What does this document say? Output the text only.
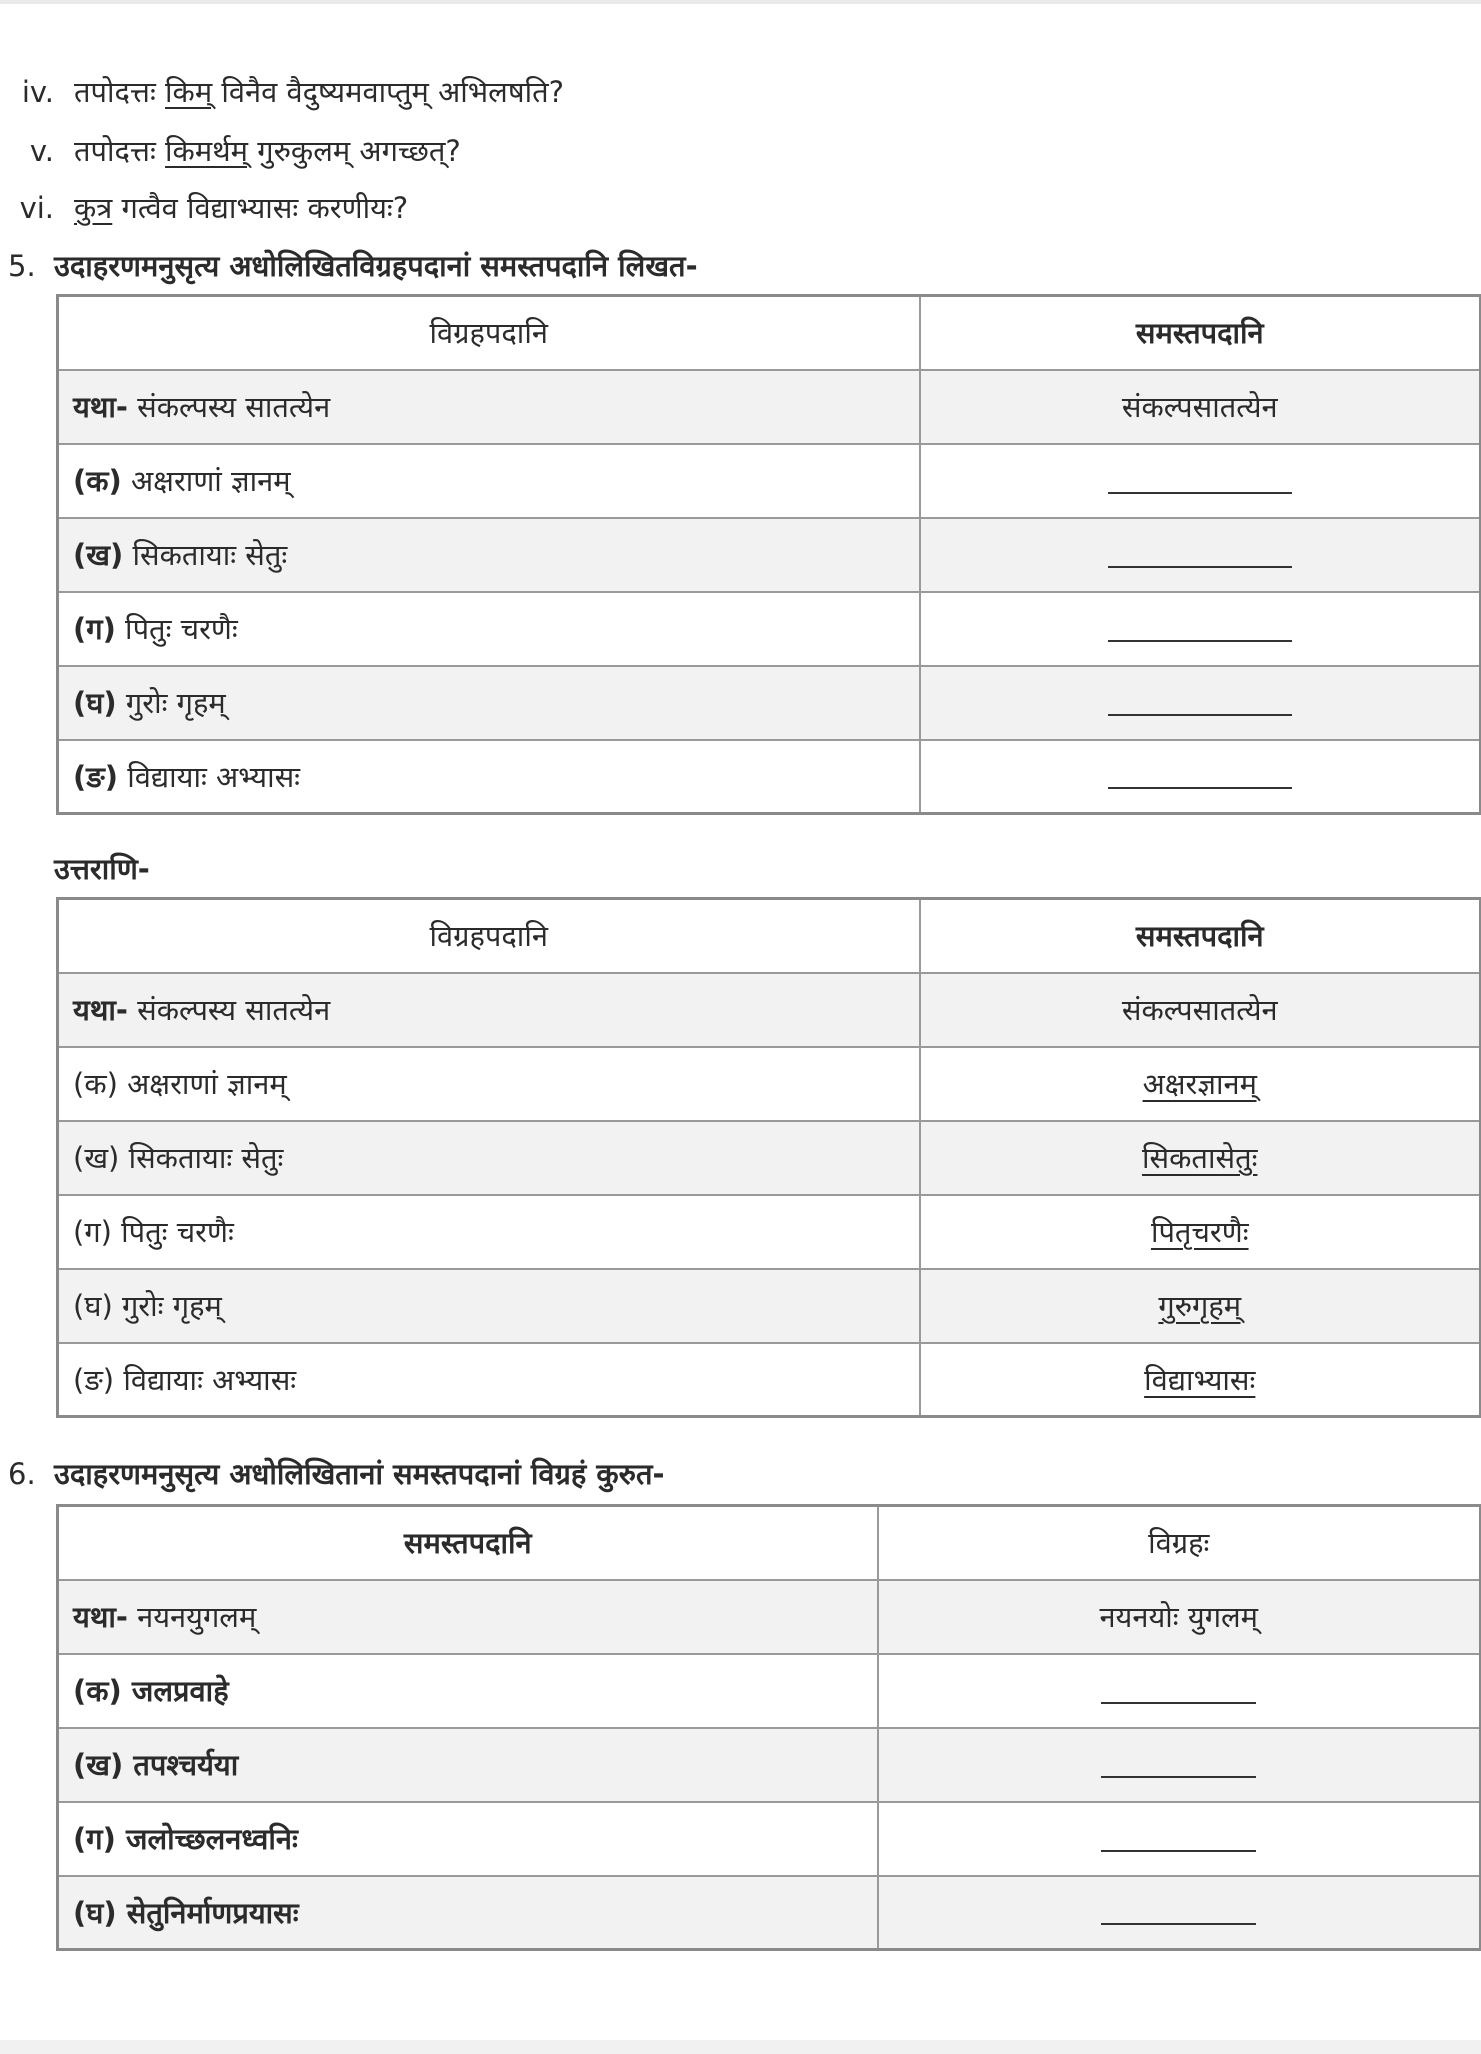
iv. तपोदत्तः किम् विनैव वैदुष्यमवाप्तुम् अभिलषति?
v. तपोदत्तः किमर्थम् गुरुकुलम् अगच्छत्?
vi. कुत्र गत्वैव विद्याभ्यासः करणीयः?
5. उदाहरणमनुसृत्य अधोलिखितविग्रहपदानां समस्तपदानि लिखत-
विग्रहपदानि	समस्तपदानि
यथा- संकल्पस्य सातत्येन	संकल्पसातत्येन
(क) अक्षराणां ज्ञानम्	
(ख) सिकतायाः सेतुः	
(ग) पितुः चरणैः	
(घ) गुरोः गृहम्	
(ङ) विद्यायाः अभ्यासः	
उत्तराणि-
विग्रहपदानि	समस्तपदानि
यथा- संकल्पस्य सातत्येन	संकल्पसातत्येन
(क) अक्षराणां ज्ञानम्	अक्षरज्ञानम्
(ख) सिकतायाः सेतुः	सिकतासेतुः
(ग) पितुः चरणैः	पितृचरणैः
(घ) गुरोः गृहम्	गुरुगृहम्
(ङ) विद्यायाः अभ्यासः	विद्याभ्यासः
6. उदाहरणमनुसृत्य अधोलिखितानां समस्तपदानां विग्रहं कुरुत-
समस्तपदानि	विग्रहः
यथा- नयनयुगलम्	नयनयोः युगलम्
(क) जलप्रवाहे	
(ख) तपश्चर्यया	
(ग) जलोच्छलनध्वनिः	
(घ) सेतुनिर्माणप्रयासः	
